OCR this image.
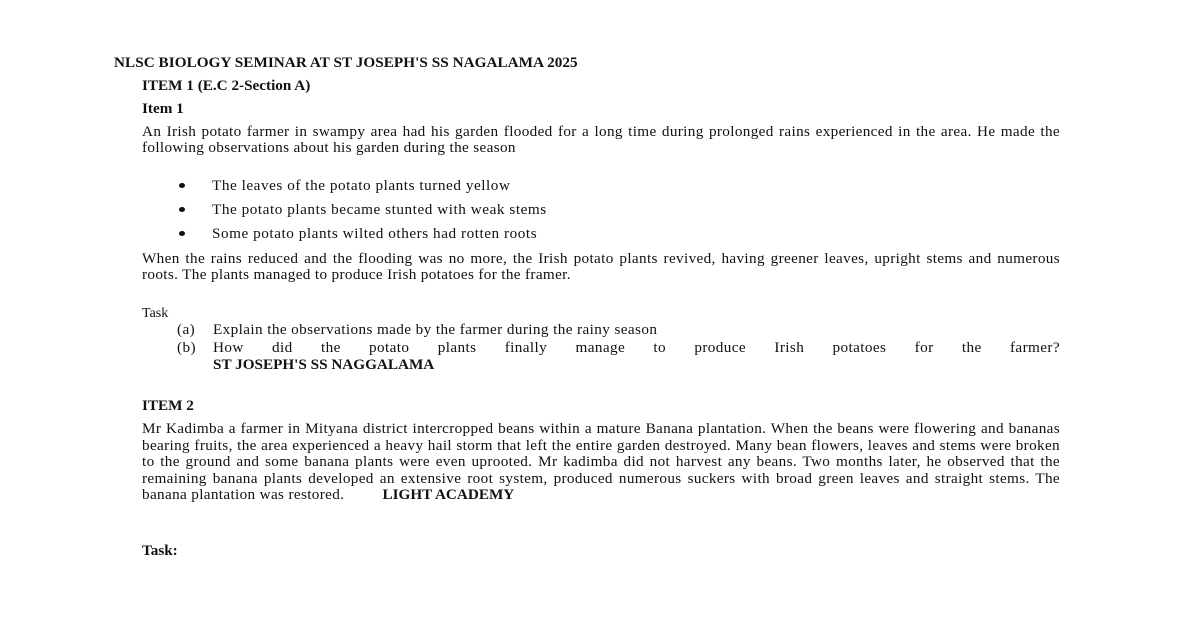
NLSC BIOLOGY SEMINAR AT ST JOSEPH'S SS NAGALAMA 2025
ITEM 1 (E.C 2-Section A)
Item 1
An Irish potato farmer in swampy area had his garden flooded for a long time during prolonged rains experienced in the area. He made the following observations about his garden during the season
The leaves of the potato plants turned yellow
The potato plants became stunted with weak stems
Some potato plants wilted others had rotten roots
When the rains reduced and the flooding was no more, the Irish potato plants revived, having greener leaves, upright stems and numerous roots. The plants managed to produce Irish potatoes for the framer.
Task
(a) Explain the observations made by the farmer during the rainy season
(b) How did the potato plants finally manage to produce Irish potatoes for the farmer?
ST JOSEPH'S SS NAGGALAMA
ITEM 2
Mr Kadimba a farmer in Mityana district intercropped beans within a mature Banana plantation. When the beans were flowering and bananas bearing fruits, the area experienced a heavy hail storm that left the entire garden destroyed. Many bean flowers, leaves and stems were broken to the ground and some banana plants were even uprooted. Mr kadimba did not harvest any beans. Two months later, he observed that the remaining banana plants developed an extensive root system, produced numerous suckers with broad green leaves and straight stems. The banana plantation was restored.	LIGHT ACADEMY
Task:
